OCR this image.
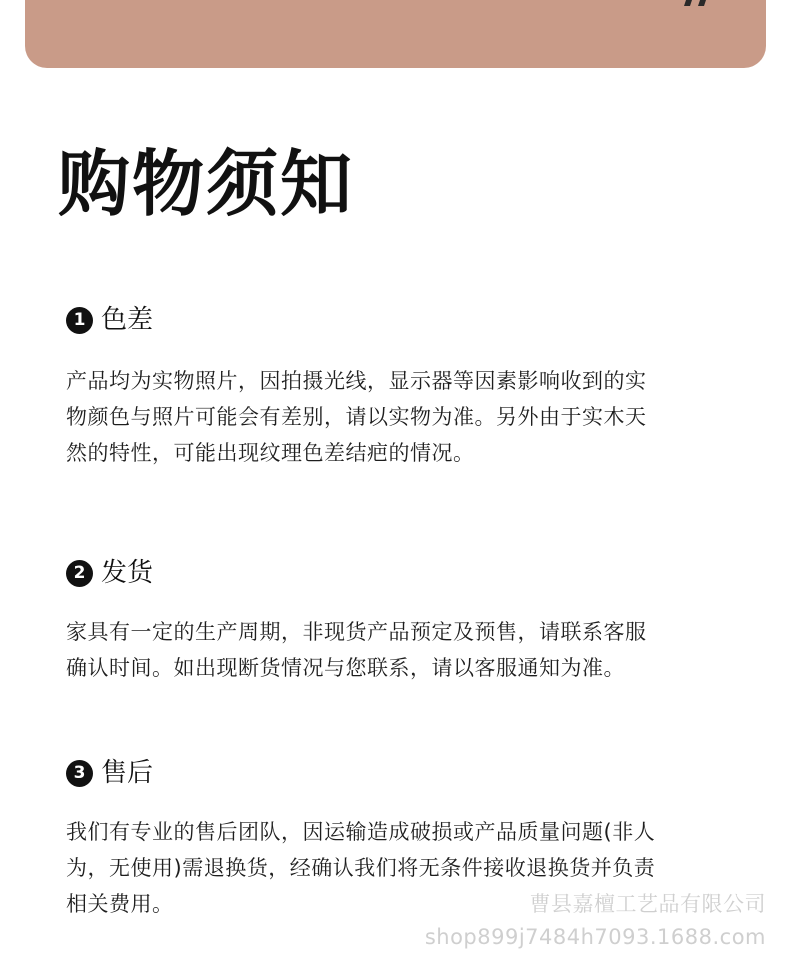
购物须知
1 色差
产品均为实物照片，因拍摄光线，显示器等因素影响收到的实
物颜色与照片可能会有差别，请以实物为准。另外由于实木天
然的特性，可能出现纹理色差结疤的情况。
2 发货
家具有一定的生产周期，非现货产品预定及预售，请联系客服
确认时间。如出现断货情况与您联系，请以客服通知为准。
3 售后
我们有专业的售后团队，因运输造成破损或产品质量问题(非人
为，无使用)需退换货，经确认我们将无条件接收退换货并负责
相关费用。	曹县嘉檀工艺品有限公司
shop899j7484h7093.1688.com
